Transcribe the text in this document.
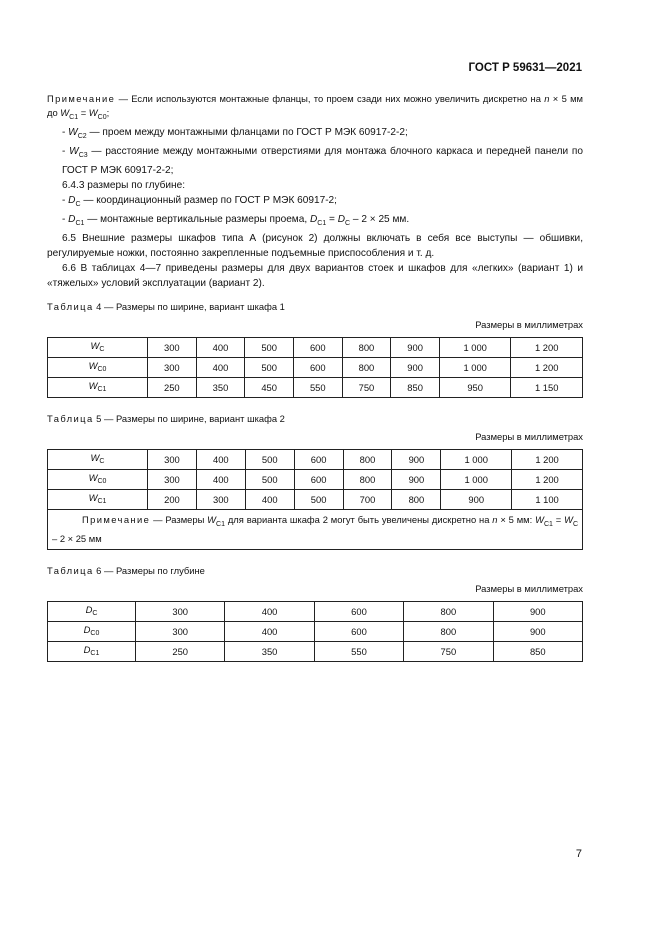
ГОСТ Р 59631—2021

Примечание — Если используются монтажные фланцы, то проем сзади них можно увеличить дискретно на n × 5 мм до $W_{C1} = W_{C0}$;

- $W_{C2}$ — проем между монтажными фланцами по ГОСТ Р МЭК 60917-2-2;

- $W_{C3}$ — расстояние между монтажными отверстиями для монтажа блочного каркаса и передней панели по ГОСТ Р МЭК 60917-2-2;

6.4.3 размеры по глубине:

- $D_C$ — координационный размер по ГОСТ Р МЭК 60917-2;

- $D_{C1}$ — монтажные вертикальные размеры проема, $D_{C1} = D_C - 2 \times 25$ мм.

6.5 Внешние размеры шкафов типа А (рисунок 2) должны включать в себя все выступы — обшивки, регулируемые ножки, постоянно закрепленные подъемные приспособления и т. д.

6.6 В таблицах 4—7 приведены размеры для двух вариантов стоек и шкафов для «легких» (вариант 1) и «тяжелых» условий эксплуатации (вариант 2).

Таблица 4 — Размеры по ширине, вариант шкафа 1

Размеры в миллиметрах

$W_C$	300	400	500	600	800	900	1 000	1 200
$W_{C0}$	300	400	500	600	800	900	1 000	1 200
$W_{C1}$	250	350	450	550	750	850	950	1 150

Таблица 5 — Размеры по ширине, вариант шкафа 2

Размеры в миллиметрах

$W_C$	300	400	500	600	800	900	1 000	1 200
$W_{C0}$	300	400	500	600	800	900	1 000	1 200
$W_{C1}$	200	300	400	500	700	800	900	1 100
Примечание — Размеры $W_{C1}$ для варианта шкафа 2 могут быть увеличены дискретно на n × 5 мм: $W_{C1} = W_C - 2 \times 25$ мм								

Таблица 6 — Размеры по глубине

Размеры в миллиметрах

$D_C$	300	400	600	800	900
$D_{C0}$	300	400	600	800	900
$D_{C1}$	250	350	550	750	850
7
